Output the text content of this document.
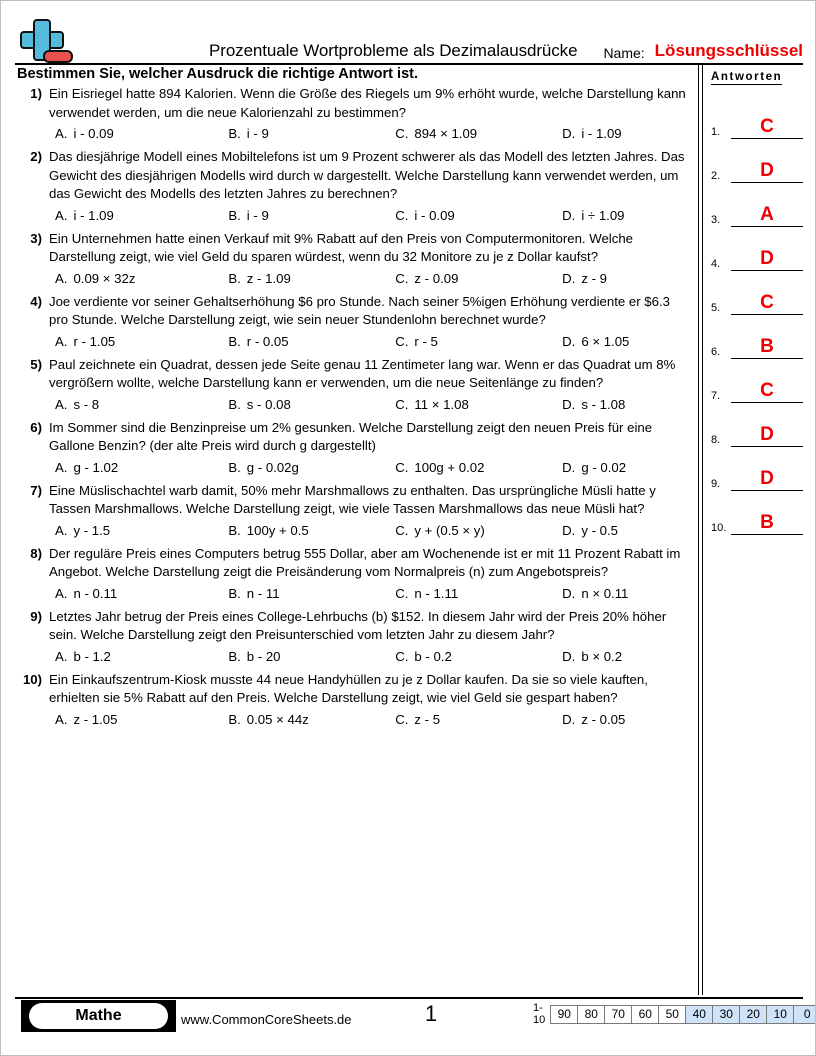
Prozentuale Wortprobleme als Dezimalausdrücke Name: Lösungsschlüssel
Bestimmen Sie, welcher Ausdruck die richtige Antwort ist.	Antworten
1.	C
2.	D
3.	A
4.	D
5.	C
6.	B
7.	C
8.	D
9.	D
10.	B
1) Ein Eisriegel hatte 894 Kalorien. Wenn die Größe des Riegels um 9% erhöht wurde, welche Darstellung kann verwendet werden, um die neue Kalorienzahl zu bestimmen?
A. i - 0.09	B. i - 9	C. 894 × 1.09	D. i - 1.09
2) Das diesjährige Modell eines Mobiltelefons ist um 9 Prozent schwerer als das Modell des letzten Jahres. Das Gewicht des diesjährigen Modells wird durch w dargestellt. Welche Darstellung kann verwendet werden, um das Gewicht des Modells des letzten Jahres zu berechnen?
A. i - 1.09	B. i - 9	C. i - 0.09	D. i ÷ 1.09
3) Ein Unternehmen hatte einen Verkauf mit 9% Rabatt auf den Preis von Computermonitoren. Welche Darstellung zeigt, wie viel Geld du sparen würdest, wenn du 32 Monitore zu je z Dollar kaufst?
A. 0.09 × 32z	B. z - 1.09	C. z - 0.09	D. z - 9
4) Joe verdiente vor seiner Gehaltserhöhung $6 pro Stunde. Nach seiner 5%igen Erhöhung verdiente er $6.3 pro Stunde. Welche Darstellung zeigt, wie sein neuer Stundenlohn berechnet wurde?
A. r - 1.05	B. r - 0.05	C. r - 5	D. 6 × 1.05
5) Paul zeichnete ein Quadrat, dessen jede Seite genau 11 Zentimeter lang war. Wenn er das Quadrat um 8% vergrößern wollte, welche Darstellung kann er verwenden, um die neue Seitenlänge zu finden?
A. s - 8	B. s - 0.08	C. 11 × 1.08	D. s - 1.08
6) Im Sommer sind die Benzinpreise um 2% gesunken. Welche Darstellung zeigt den neuen Preis für eine Gallone Benzin? (der alte Preis wird durch g dargestellt)
A. g - 1.02	B. g - 0.02g	C. 100g + 0.02	D. g - 0.02
7) Eine Müslischachtel warb damit, 50% mehr Marshmallows zu enthalten. Das ursprüngliche Müsli hatte y Tassen Marshmallows. Welche Darstellung zeigt, wie viele Tassen Marshmallows das neue Müsli hat?
A. y - 1.5	B. 100y + 0.5	C. y + (0.5 × y)	D. y - 0.5
8) Der reguläre Preis eines Computers betrug 555 Dollar, aber am Wochenende ist er mit 11 Prozent Rabatt im Angebot. Welche Darstellung zeigt die Preisänderung vom Normalpreis (n) zum Angebotspreis?
A. n - 0.11	B. n - 11	C. n - 1.11	D. n × 0.11
9) Letztes Jahr betrug der Preis eines College-Lehrbuchs (b) $152. In diesem Jahr wird der Preis 20% höher sein. Welche Darstellung zeigt den Preisunterschied vom letzten Jahr zu diesem Jahr?
A. b - 1.2	B. b - 20	C. b - 0.2	D. b × 0.2
10) Ein Einkaufszentrum-Kiosk musste 44 neue Handyhüllen zu je z Dollar kaufen. Da sie so viele kauften, erhielten sie 5% Rabatt auf den Preis. Welche Darstellung zeigt, wie viel Geld sie gespart haben?
A. z - 1.05	B. 0.05 × 44z	C. z - 5	D. z - 0.05
Mathe	www.CommonCoreSheets.de	1	1-10	90	80	70	60	50	40	30	20	10	0
